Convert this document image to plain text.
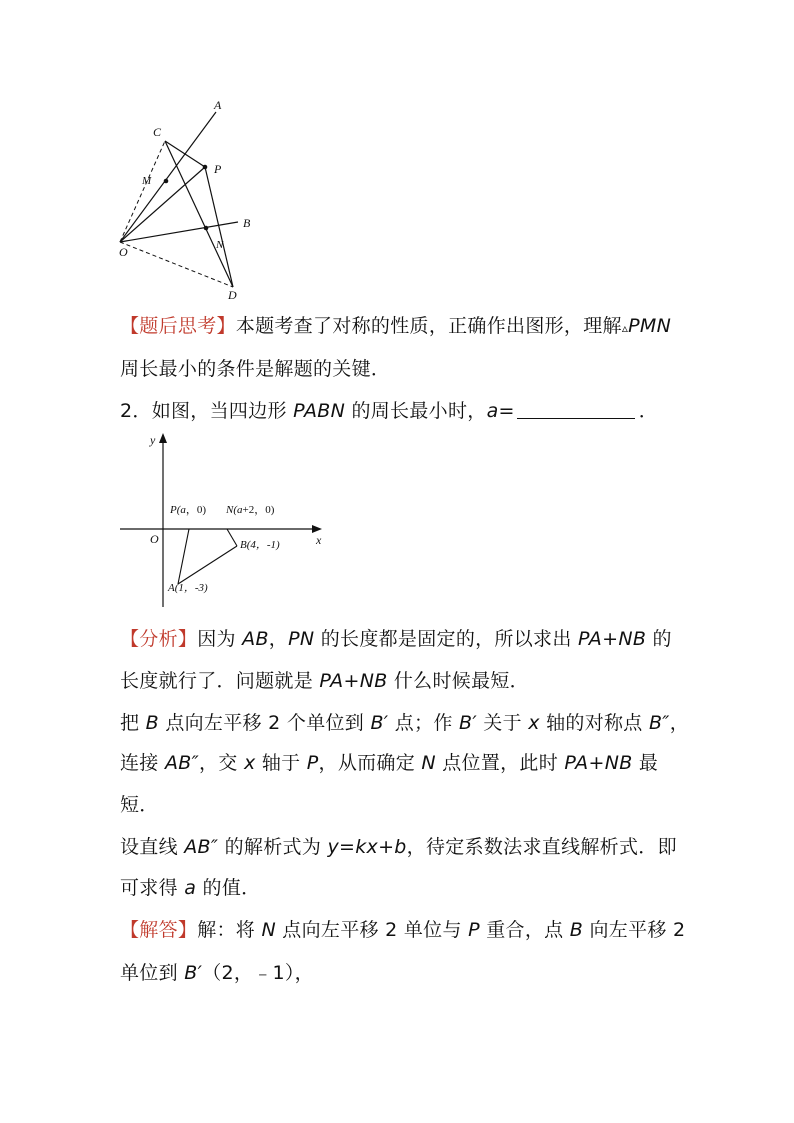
A
C
P
M
B
N
O
D
【题后思考】本题考查了对称的性质，正确作出图形，理解▵PMN
周长最小的条件是解题的关键．
2．如图，当四边形 PABN 的周长最小时，a=	．
y
x
O
P(a，0) N(a+2，0)
B(4，-1)
A(1，-3)
【分析】因为 AB，PN 的长度都是固定的，所以求出 PA+NB 的
长度就行了．问题就是 PA+NB 什么时候最短．
把 B 点向左平移 2 个单位到 B′ 点；作 B′ 关于 x 轴的对称点 B″，
连接 AB″，交 x 轴于 P，从而确定 N 点位置，此时 PA+NB 最
短．
设直线 AB″ 的解析式为 y=kx+b，待定系数法求直线解析式．即
可求得 a 的值．
【解答】解：将 N 点向左平移 2 单位与 P 重合，点 B 向左平移 2
单位到 B′（2，﹣1），
